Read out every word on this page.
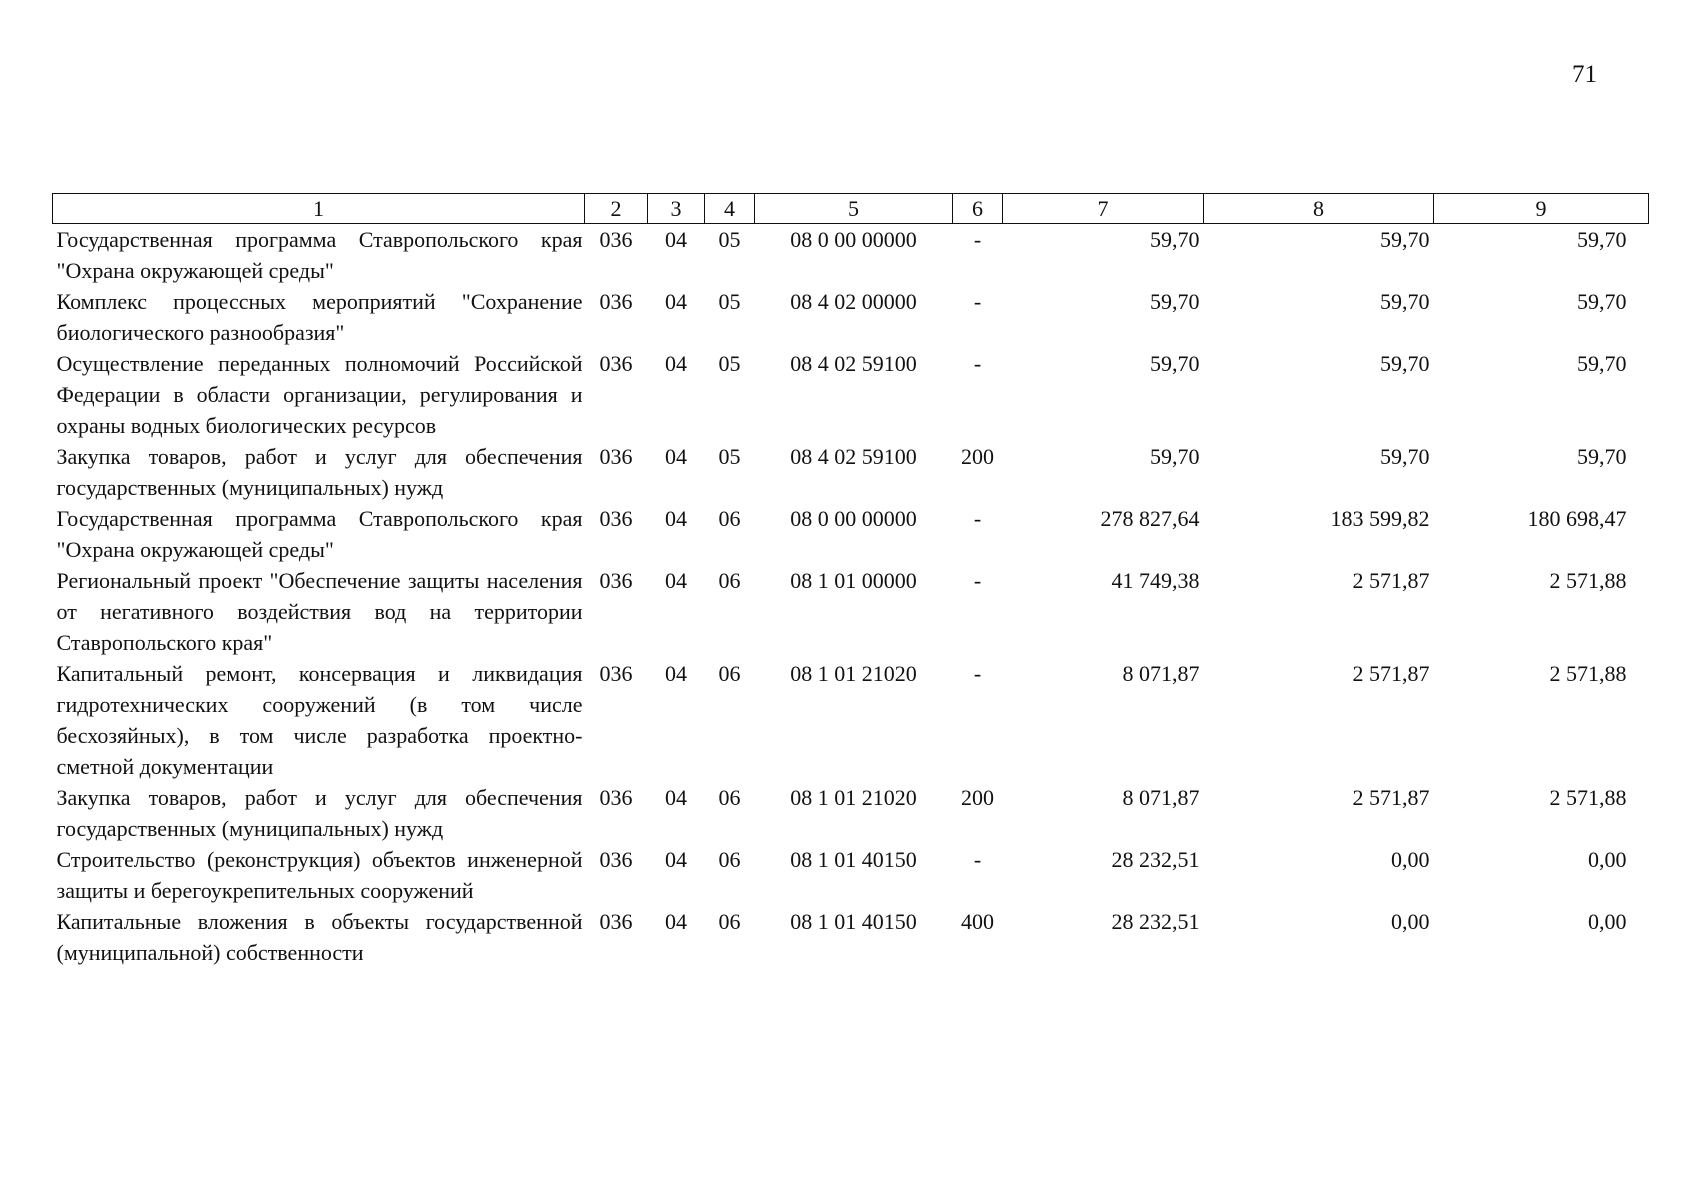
71
1	2	3	4	5	6	7	8	9
Государственная программа Ставропольского края "Охрана окружающей среды"	036	04	05	08 0 00 00000	-	59,70	59,70	59,70
Комплекс процессных мероприятий "Сохранение биологического разнообразия"	036	04	05	08 4 02 00000	-	59,70	59,70	59,70
Осуществление переданных полномочий Российской Федерации в области организации, регулирования и охраны водных биологических ресурсов	036	04	05	08 4 02 59100	-	59,70	59,70	59,70
Закупка товаров, работ и услуг для обеспечения государственных (муниципальных) нужд	036	04	05	08 4 02 59100	200	59,70	59,70	59,70
Государственная программа Ставропольского края "Охрана окружающей среды"	036	04	06	08 0 00 00000	-	278 827,64	183 599,82	180 698,47
Региональный проект "Обеспечение защиты населения от негативного воздействия вод на территории Ставропольского края"	036	04	06	08 1 01 00000	-	41 749,38	2 571,87	2 571,88
Капитальный ремонт, консервация и ликвидация гидротехнических сооружений (в том числе бесхозяйных), в том числе разработка проектно-сметной документации	036	04	06	08 1 01 21020	-	8 071,87	2 571,87	2 571,88
Закупка товаров, работ и услуг для обеспечения государственных (муниципальных) нужд	036	04	06	08 1 01 21020	200	8 071,87	2 571,87	2 571,88
Строительство (реконструкция) объектов инженерной защиты и берегоукрепительных сооружений	036	04	06	08 1 01 40150	-	28 232,51	0,00	0,00
Капитальные вложения в объекты государственной (муниципальной) собственности	036	04	06	08 1 01 40150	400	28 232,51	0,00	0,00
